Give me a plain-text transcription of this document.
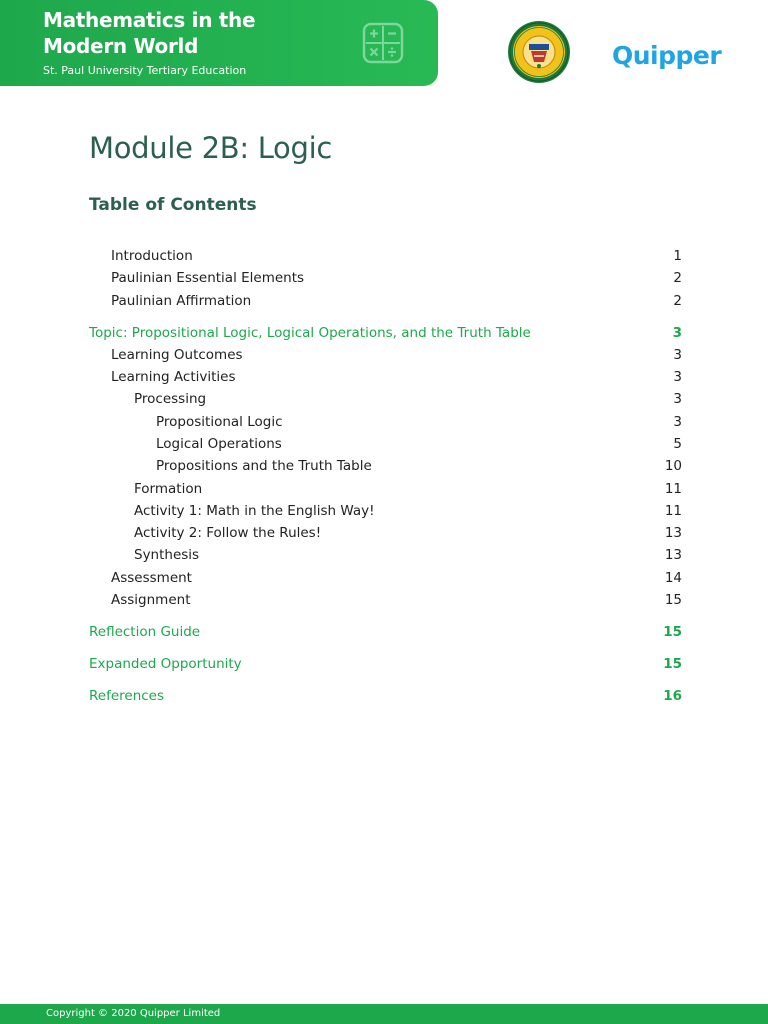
Mathematics in the Modern World
St. Paul University Tertiary Education
Quipper
Module 2B: Logic
Table of Contents
Introduction	1
Paulinian Essential Elements	2
Paulinian Affirmation	2
Topic: Propositional Logic, Logical Operations, and the Truth Table	3
Learning Outcomes	3
Learning Activities	3
Processing	3
Propositional Logic	3
Logical Operations	5
Propositions and the Truth Table	10
Formation	11
Activity 1: Math in the English Way!	11
Activity 2: Follow the Rules!	13
Synthesis	13
Assessment	14
Assignment	15
Reflection Guide	15
Expanded Opportunity	15
References	16
Copyright © 2020 Quipper Limited
